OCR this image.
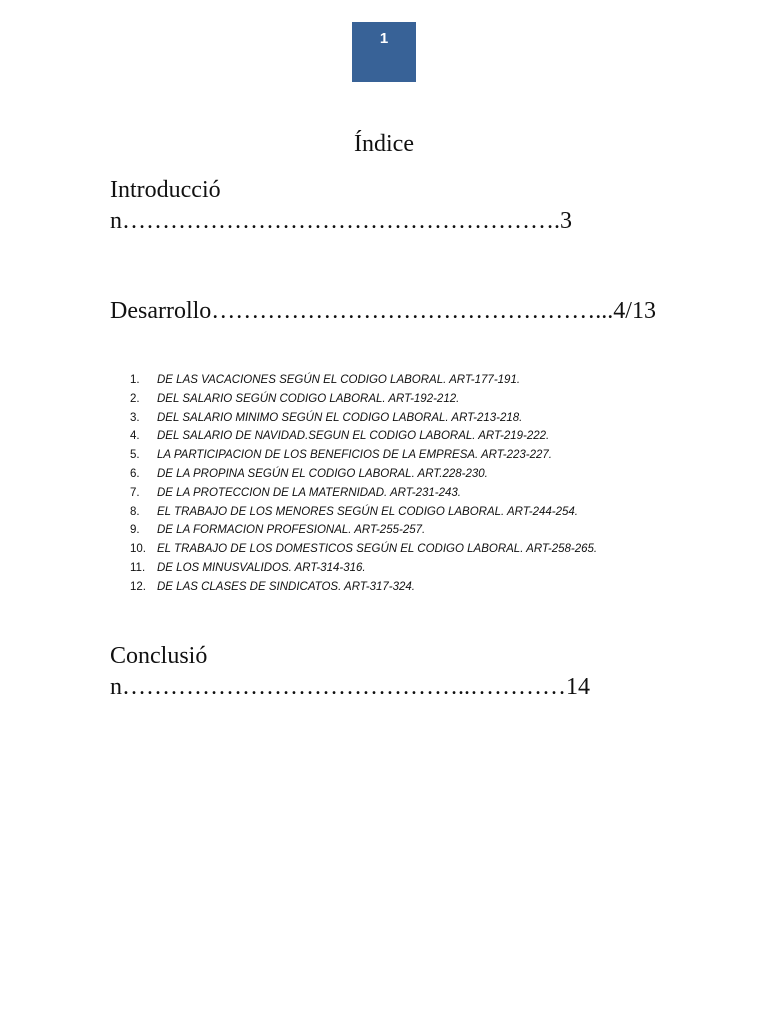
1
Índice
Introducción……………………………………………….3
Desarrollo…………………………………………...4/13
1. DE LAS VACACIONES SEGÚN EL CODIGO LABORAL. ART-177-191.
2. DEL SALARIO SEGÚN CODIGO LABORAL. ART-192-212.
3. DEL SALARIO MINIMO SEGÚN EL CODIGO LABORAL. ART-213-218.
4. DEL SALARIO DE NAVIDAD.SEGUN EL CODIGO LABORAL. ART-219-222.
5. LA PARTICIPACION DE LOS BENEFICIOS DE LA EMPRESA. ART-223-227.
6. DE LA PROPINA SEGÚN EL CODIGO LABORAL. ART.228-230.
7. DE LA PROTECCION DE LA MATERNIDAD. ART-231-243.
8. EL TRABAJO DE LOS MENORES SEGÚN EL CODIGO LABORAL. ART-244-254.
9. DE LA FORMACION PROFESIONAL. ART-255-257.
10. EL TRABAJO DE LOS DOMESTICOS SEGÚN EL CODIGO LABORAL. ART-258-265.
11. DE LOS MINUSVALIDOS. ART-314-316.
12. DE LAS CLASES DE SINDICATOS. ART-317-324.
Conclusión……………………………………..…………14
